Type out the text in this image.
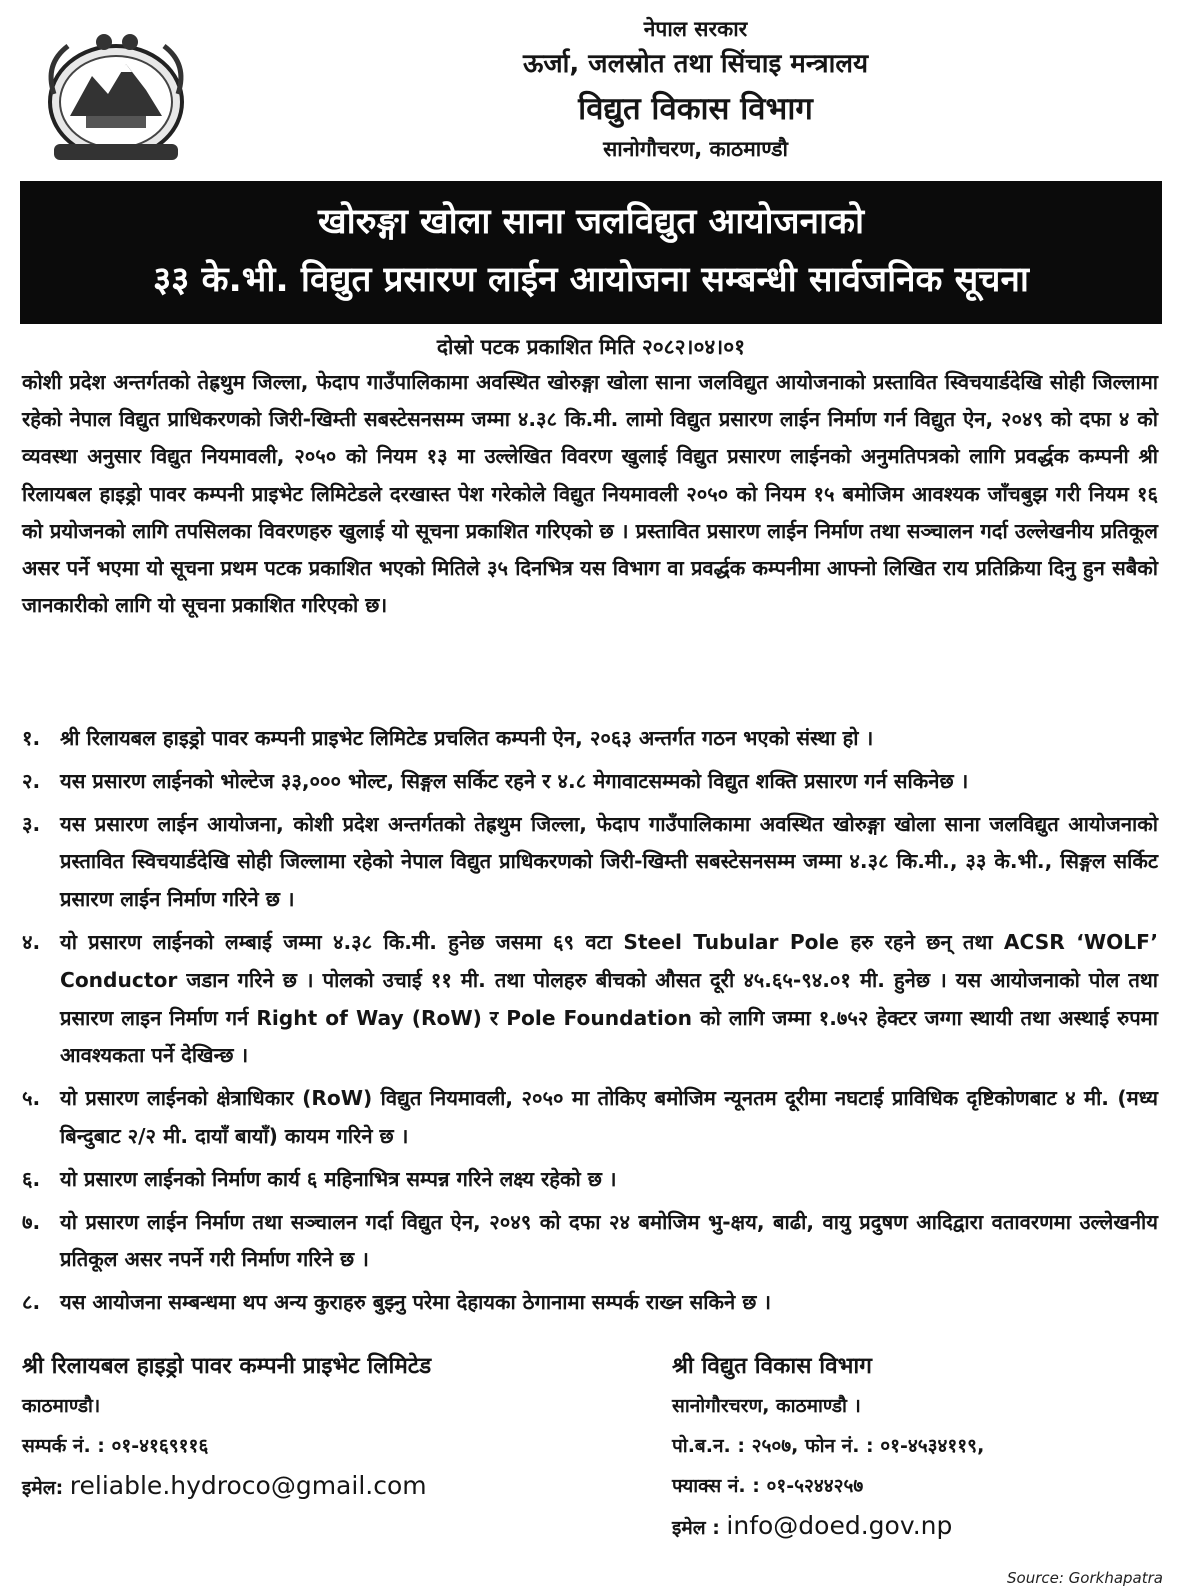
नेपाल सरकार
ऊर्जा, जलस्रोत तथा सिंचाइ मन्त्रालय
विद्युत विकास विभाग
सानोगौचरण, काठमाण्डौ
खोरुङ्गा खोला साना जलविद्युत आयोजनाको
३३ के.भी. विद्युत प्रसारण लाईन आयोजना सम्बन्धी सार्वजनिक सूचना
दोस्रो पटक प्रकाशित मिति २०८२।०४।०१
कोशी प्रदेश अन्तर्गतको तेह्रथुम जिल्ला, फेदाप गाउँपालिकामा अवस्थित खोरुङ्गा खोला साना जलविद्युत आयोजनाको प्रस्तावित स्विचयार्डदेखि सोही जिल्लामा रहेको नेपाल विद्युत प्राधिकरणको जिरी-खिम्ती सबस्टेसनसम्म जम्मा ४.३८ कि.मी. लामो विद्युत प्रसारण लाईन निर्माण गर्न विद्युत ऐन, २०४९ को दफा ४ को व्यवस्था अनुसार विद्युत नियमावली, २०५० को नियम १३ मा उल्लेखित विवरण खुलाई विद्युत प्रसारण लाईनको अनुमतिपत्रको लागि प्रवर्द्धक कम्पनी श्री रिलायबल हाइड्रो पावर कम्पनी प्राइभेट लिमिटेडले दरखास्त पेश गरेकोले विद्युत नियमावली २०५० को नियम १५ बमोजिम आवश्यक जाँचबुझ गरी नियम १६ को प्रयोजनको लागि तपसिलका विवरणहरु खुलाई यो सूचना प्रकाशित गरिएको छ । प्रस्तावित प्रसारण लाईन निर्माण तथा सञ्चालन गर्दा उल्लेखनीय प्रतिकूल असर पर्ने भएमा यो सूचना प्रथम पटक प्रकाशित भएको मितिले ३५ दिनभित्र यस विभाग वा प्रवर्द्धक कम्पनीमा आफ्नो लिखित राय प्रतिक्रिया दिनु हुन सबैको जानकारीको लागि यो सूचना प्रकाशित गरिएको छ।
१. श्री रिलायबल हाइड्रो पावर कम्पनी प्राइभेट लिमिटेड प्रचलित कम्पनी ऐन, २०६३ अन्तर्गत गठन भएको संस्था हो ।
२. यस प्रसारण लाईनको भोल्टेज ३३,००० भोल्ट, सिङ्गल सर्किट रहने र ४.८ मेगावाटसम्मको विद्युत शक्ति प्रसारण गर्न सकिनेछ ।
३. यस प्रसारण लाईन आयोजना, कोशी प्रदेश अन्तर्गतको तेह्रथुम जिल्ला, फेदाप गाउँपालिकामा अवस्थित खोरुङ्गा खोला साना जलविद्युत आयोजनाको प्रस्तावित स्विचयार्डदेखि सोही जिल्लामा रहेको नेपाल विद्युत प्राधिकरणको जिरी-खिम्ती सबस्टेसनसम्म जम्मा ४.३८ कि.मी., ३३ के.भी., सिङ्गल सर्किट प्रसारण लाईन निर्माण गरिने छ ।
४. यो प्रसारण लाईनको लम्बाई जम्मा ४.३८ कि.मी. हुनेछ जसमा ६९ वटा Steel Tubular Pole हरु रहने छन् तथा ACSR ‘WOLF’ Conductor जडान गरिने छ । पोलको उचाई ११ मी. तथा पोलहरु बीचको औसत दूरी ४५.६५-९४.०१ मी. हुनेछ । यस आयोजनाको पोल तथा प्रसारण लाइन निर्माण गर्न Right of Way (RoW) र Pole Foundation को लागि जम्मा १.७५२ हेक्टर जग्गा स्थायी तथा अस्थाई रुपमा आवश्यकता पर्ने देखिन्छ ।
५. यो प्रसारण लाईनको क्षेत्राधिकार (RoW) विद्युत नियमावली, २०५० मा तोकिए बमोजिम न्यूनतम दूरीमा नघटाई प्राविधिक दृष्टिकोणबाट ४ मी. (मध्य बिन्दुबाट २/२ मी. दायाँ बायाँ) कायम गरिने छ ।
६. यो प्रसारण लाईनको निर्माण कार्य ६ महिनाभित्र सम्पन्न गरिने लक्ष्य रहेको छ ।
७. यो प्रसारण लाईन निर्माण तथा सञ्चालन गर्दा विद्युत ऐन, २०४९ को दफा २४ बमोजिम भु-क्षय, बाढी, वायु प्रदुषण आदिद्वारा वतावरणमा उल्लेखनीय प्रतिकूल असर नपर्ने गरी निर्माण गरिने छ ।
८. यस आयोजना सम्बन्धमा थप अन्य कुराहरु बुझ्नु परेमा देहायका ठेगानामा सम्पर्क राख्न सकिने छ ।
श्री रिलायबल हाइड्रो पावर कम्पनी प्राइभेट लिमिटेड
काठमाण्डौ।
सम्पर्क नं. : ०१-४१६९११६
इमेल: reliable.hydroco@gmail.com
श्री विद्युत विकास विभाग
सानोगौरचरण, काठमाण्डौ ।
पो.ब.न. : २५०७, फोन नं. : ०१-४५३४११९,
फ्याक्स नं. : ०१-५२४४२५७
इमेल : info@doed.gov.np
Source: Gorkhapatra
